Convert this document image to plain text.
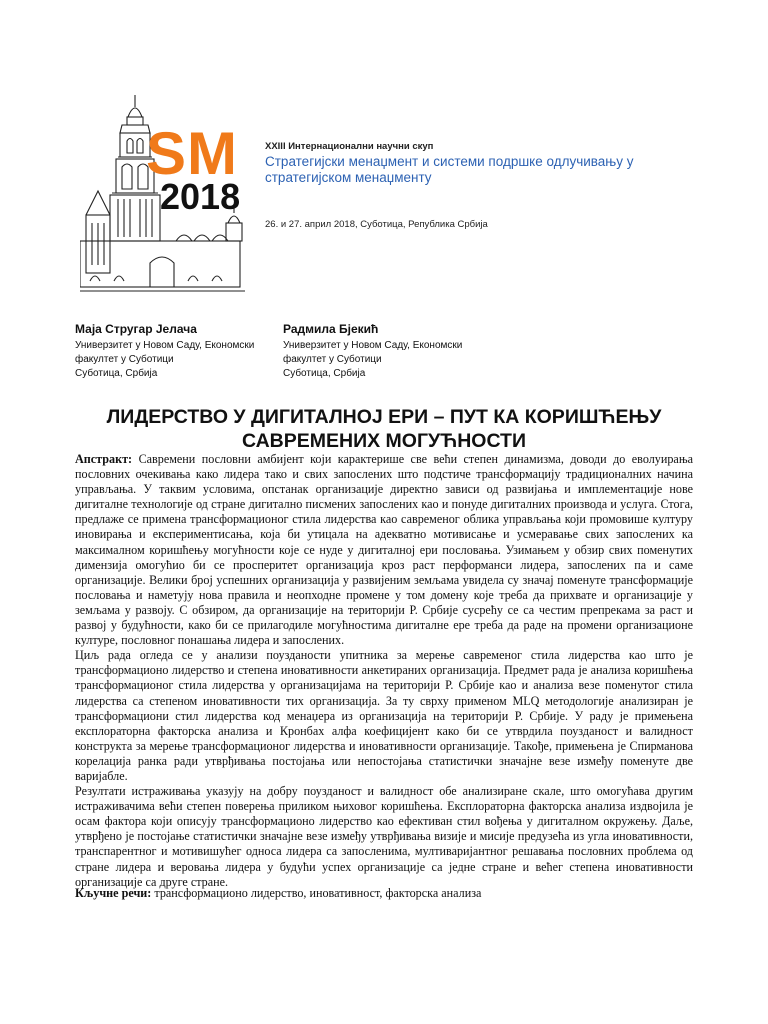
SM
2018
XXIII Интернационални научни скуп
Стратегијски менаџмент и системи подршке одлучивању у стратегијском менаџменту
26. и 27. април 2018, Суботица, Република Србија
Маја Стругар Јелача
Универзитет у Новом Саду, Економски
факултет у Суботици
Суботица, Србија
Радмила Бјекић
Универзитет у Новом Саду, Економски
факултет у Суботици
Суботица, Србија
ЛИДЕРСТВО У ДИГИТАЛНОЈ ЕРИ – ПУТ КА КОРИШЋЕЊУ САВРЕМЕНИХ МОГУЋНОСТИ

Апстракт: Савремени пословни амбијент који карактерише све већи степен динамизма, доводи до еволуирања пословних очекивања како лидера тако и свих запослених што подстиче трансформацију традиционалних начина управљања. У таквим условима, опстанак организације директно зависи од развијања и имплементације нове дигиталне технологије од стране дигитално писмених запослених као и понуде дигиталних производа и услуга. Стога, предлаже се примена трансформационог стила лидерства као савременог облика управљања који промовише културу иновирања и експериментисања, која би утицала на адекватно мотивисање и усмеравање свих запослених ка максималном коришћењу могућности које се нуде у дигиталној ери пословања. Узимањем у обзир свих поменутих димензија омогућио би се просперитет организација кроз раст перформанси лидера, запослених па и саме организације. Велики број успешних организација у развијеним земљама увидела су значај поменуте трансформације пословања и наметују нова правила и неопходне промене у том домену које треба да прихвате и организације у земљама у развоју. С обзиром, да организације на територији Р. Србије сусрећу се са честим препрекама за раст и развој у будућности, како би се прилагодиле могућностима дигиталне ере треба да раде на промени организационе културе, пословног понашања лидера и запослених.

Циљ рада огледа се у анализи поузданости упитника за мерење савременог стила лидерства као што је трансформационо лидерство и степена иновативности анкетираних организација. Предмет рада је анализа коришћења трансформационог стила лидерства у организацијама на територији Р. Србије као и анализа везе поменутог стила лидерства са степеном иновативности тих организација. За ту сврху применом MLQ методологије анализиран је трансформациони стил лидерства код менаџера из организација на територији Р. Србије. У раду је примењена експлораторна факторска анализа и Кронбах алфа коефицијент како би се утврдила поузданост и валидност конструкта за мерење трансформационог лидерства и иновативности организације. Такође, примењена је Спирманова корелација ранка ради утврђивања постојања или непостојања статистички значајне везе између поменуте две варијабле.

Резултати истраживања указују на добру поузданост и валидност обе анализиране скале, што омогућава другим истраживачима већи степен поверења приликом њиховог коришћења. Експлораторна факторска анализа издвојила је осам фактора који описују трансформационо лидерство као ефективан стил вођења у дигиталном окружењу. Даље, утврђено је постојање статистички значајне везе између утврђивања визије и мисије предузећа из угла иновативности, транспарентног и мотивишућег односа лидера са запосленима, мултиваријантног решавања пословних проблема од стране лидера и веровања лидера у будући успех организације са једне стране и већег степена иновативности организације са друге стране.

Кључне речи: трансформационо лидерство, иновативност, факторска анализа
